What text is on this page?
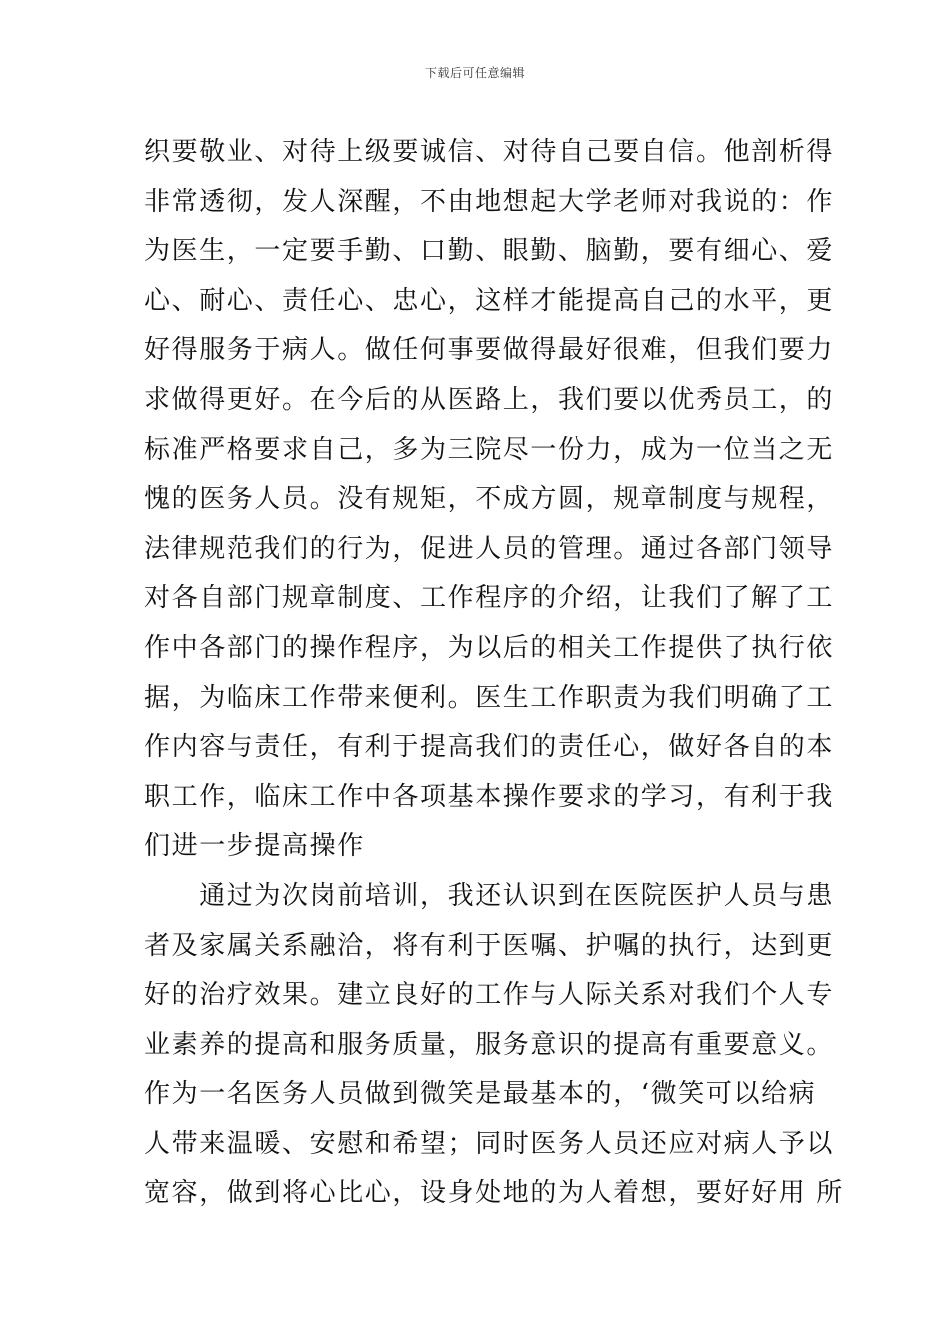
下载后可任意编辑
织要敬业、对待上级要诚信、对待自己要自信。他剖析得
非常透彻，发人深醒，不由地想起大学老师对我说的：作
为医生，一定要手勤、口勤、眼勤、脑勤，要有细心、爱
心、耐心、责任心、忠心，这样才能提高自己的水平，更
好得服务于病人。做任何事要做得最好很难，但我们要力
求做得更好。在今后的从医路上，我们要以优秀员工，的
标准严格要求自己，多为三院尽一份力，成为一位当之无
愧的医务人员。没有规矩，不成方圆，规章制度与规程，
法律规范我们的行为，促进人员的管理。通过各部门领导
对各自部门规章制度、工作程序的介绍，让我们了解了工
作中各部门的操作程序，为以后的相关工作提供了执行依
据，为临床工作带来便利。医生工作职责为我们明确了工
作内容与责任，有利于提高我们的责任心，做好各自的本
职工作，临床工作中各项基本操作要求的学习，有利于我
们进一步提高操作
　　通过为次岗前培训，我还认识到在医院医护人员与患
者及家属关系融洽，将有利于医嘱、护嘱的执行，达到更
好的治疗效果。建立良好的工作与人际关系对我们个人专
业素养的提高和服务质量，服务意识的提高有重要意义。
作为一名医务人员做到微笑是最基本的，‘微笑可以给病
人带来温暖、安慰和希望；同时医务人员还应对病人予以
宽容，做到将心比心，设身处地的为人着想，要好好用 所
